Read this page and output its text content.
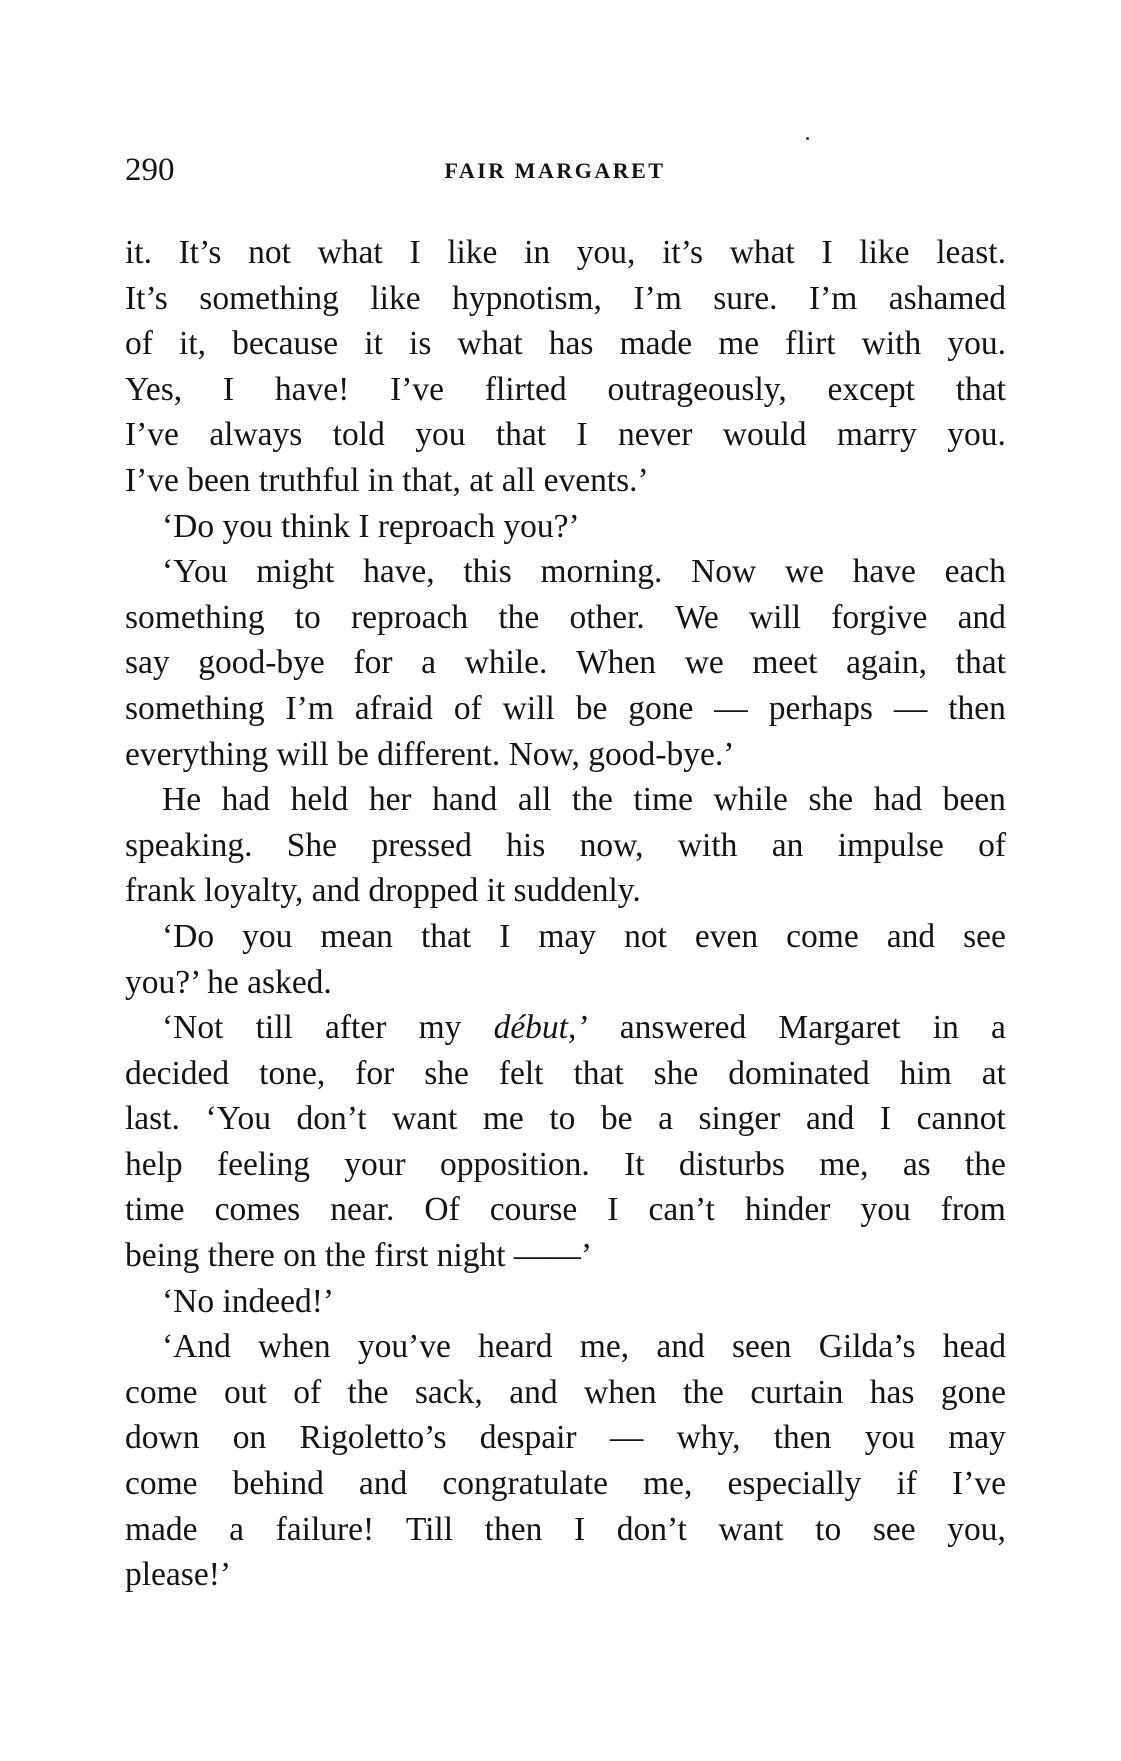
290	FAIR MARGARET
it. It’s not what I like in you, it’s what I like least.
It’s something like hypnotism, I’m sure. I’m ashamed
of it, because it is what has made me flirt with you.
Yes, I have! I’ve flirted outrageously, except that
I’ve always told you that I never would marry you.
I’ve been truthful in that, at all events.’
‘Do you think I reproach you?’
‘You might have, this morning. Now we have each
something to reproach the other. We will forgive and
say good-bye for a while. When we meet again, that
something I’m afraid of will be gone — perhaps — then
everything will be different. Now, good-bye.’
He had held her hand all the time while she had been
speaking. She pressed his now, with an impulse of
frank loyalty, and dropped it suddenly.
‘Do you mean that I may not even come and see
you?’ he asked.
‘Not till after my début,’ answered Margaret in a
decided tone, for she felt that she dominated him at
last. ‘You don’t want me to be a singer and I cannot
help feeling your opposition. It disturbs me, as the
time comes near. Of course I can’t hinder you from
being there on the first night ——’
‘No indeed!’
‘And when you’ve heard me, and seen Gilda’s head
come out of the sack, and when the curtain has gone
down on Rigoletto’s despair — why, then you may
come behind and congratulate me, especially if I’ve
made a failure! Till then I don’t want to see you,
please!’
